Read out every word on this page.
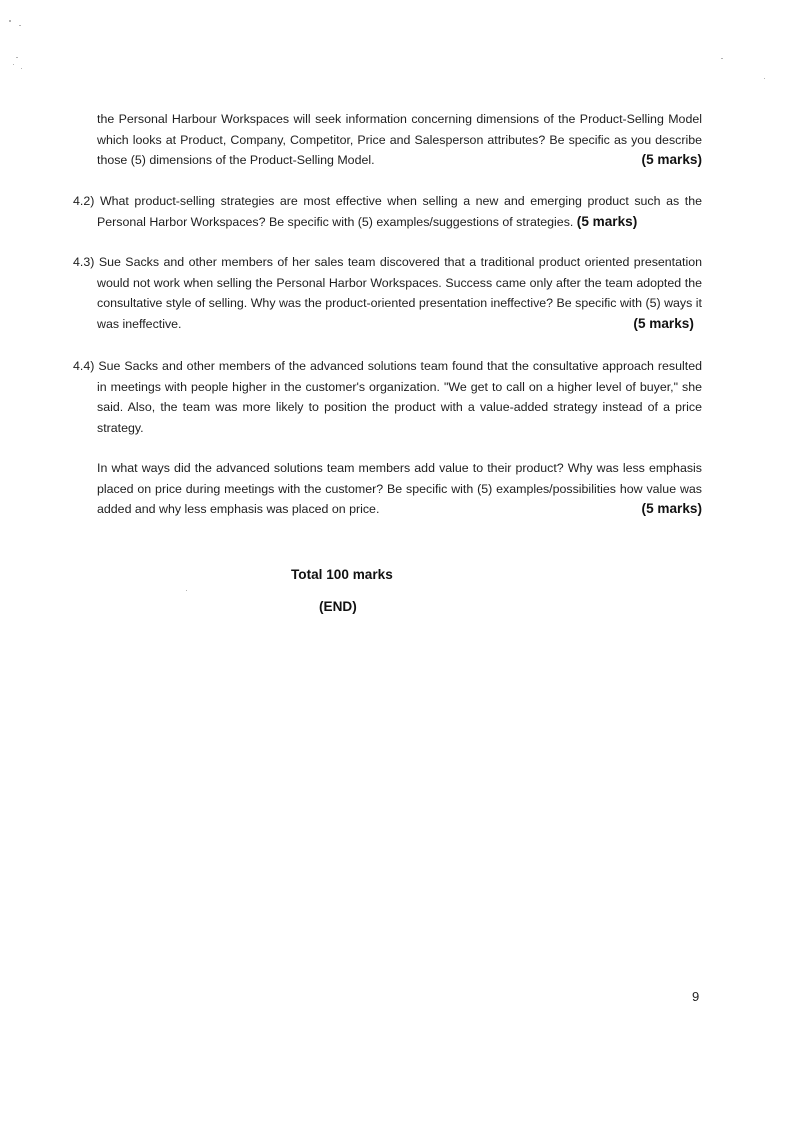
the Personal Harbour Workspaces will seek information concerning dimensions of the Product-Selling Model which looks at Product, Company, Competitor, Price and Salesperson attributes? Be specific as you describe those (5) dimensions of the Product-Selling Model.	(5 marks)
4.2) What product-selling strategies are most effective when selling a new and emerging product such as the Personal Harbor Workspaces? Be specific with (5) examples/suggestions of strategies. (5 marks)
4.3) Sue Sacks and other members of her sales team discovered that a traditional product oriented presentation would not work when selling the Personal Harbor Workspaces. Success came only after the team adopted the consultative style of selling. Why was the product-oriented presentation ineffective? Be specific with (5) ways it was ineffective.	(5 marks)
4.4) Sue Sacks and other members of the advanced solutions team found that the consultative approach resulted in meetings with people higher in the customer's organization. "We get to call on a higher level of buyer," she said. Also, the team was more likely to position the product with a value-added strategy instead of a price strategy.
In what ways did the advanced solutions team members add value to their product? Why was less emphasis placed on price during meetings with the customer? Be specific with (5) examples/possibilities how value was added and why less emphasis was placed on price.	(5 marks)
Total 100 marks
(END)
9
